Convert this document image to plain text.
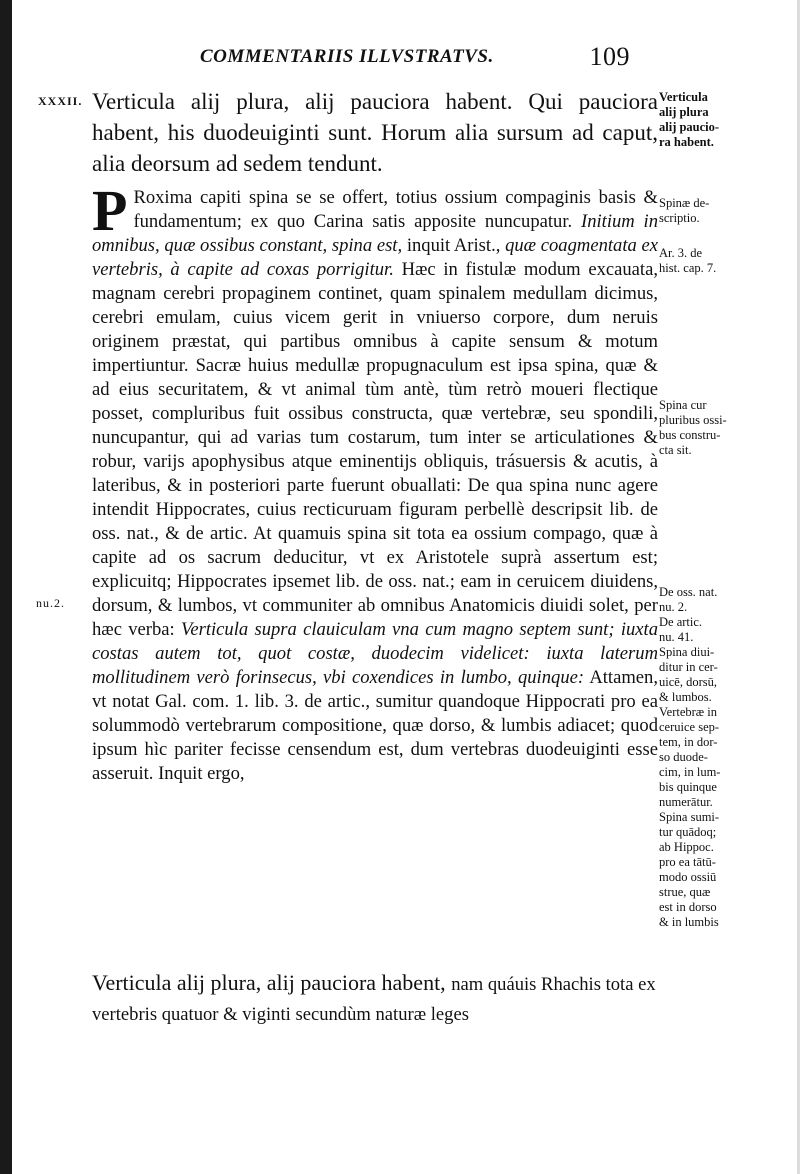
COMMENTARIIS ILLVSTRATVS.	109
XXXII.
nu.2.

Verticula alij plura, alij pauciora habent. Qui pauciora habent, his duodeuiginti sunt. Horum alia sursum ad caput, alia deorsum ad sedem tendunt.

P Roxima capiti spina se se offert, totius ossium compaginis basis & fundamentum; ex quo Carina satis apposite nuncupatur. Initium in omnibus, quæ ossibus constant, spina est, inquit Arist., quæ coagmentata ex vertebris, à capite ad coxas porrigitur. Hæc in fistulæ modum excauata, magnam cerebri propaginem continet, quam spinalem medullam dicimus, cerebri emulam, cuius vicem gerit in vniuerso corpore, dum neruis originem præstat, qui partibus omnibus à capite sensum & motum impertiuntur. Sacræ huius medullæ propugnaculum est ipsa spina, quæ & ad eius securitatem, & vt animal tùm antè, tùm retrò moueri flectique posset, compluribus fuit ossibus constructa, quæ vertebræ, seu spondili, nuncupantur, qui ad varias tum costarum, tum inter se articulationes & robur, varijs apophysibus atque eminentijs obliquis, trásuersis & acutis, à lateribus, & in posteriori parte fuerunt obuallati: De qua spina nunc agere intendit Hippocrates, cuius recticuruam figuram perbellè descripsit lib. de oss. nat., & de artic. At quamuis spina sit tota ea ossium compago, quæ à capite ad os sacrum deducitur, vt ex Aristotele suprà assertum est; explicuitq; Hippocrates ipsemet lib. de oss. nat.; eam in ceruicem diuidens, dorsum, & lumbos, vt communiter ab omnibus Anatomicis diuidi solet, per hæc verba: Verticula supra clauiculam vna cum magno septem sunt; iuxta costas autem tot, quot costæ, duodecim videlicet: iuxta laterum mollitudinem verò forinsecus, vbi coxendices in lumbo, quinque: Attamen, vt notat Gal. com. 1. lib. 3. de artic., sumitur quandoque Hippocrati pro ea solummodò vertebrarum compositione, quæ dorso, & lumbis adiacet; quod ipsum hìc pariter fecisse censendum est, dum vertebras duodeuiginti esse asseruit. Inquit ergo,

Verticula alij plura, alij pauciora habent, nam quáuis Rhachis tota ex vertebris quatuor & viginti secundùm naturæ leges

Verticula
alij plura
alij paucio-
ra habent.
Spinæ de-
scriptio.
Ar. 3. de
hist. cap. 7.
Spina cur
pluribus ossi-
bus constru-
cta sit.
De oss. nat.
nu. 2.
De artic.
nu. 41.
Spina diui-
ditur in cer-
uicē, dorsū,
& lumbos.
Vertebræ in
ceruice sep-
tem, in dor-
so duode-
cim, in lum-
bis quinque
numerātur.
Spina sumi-
tur quādoq;
ab Hippoc.
pro ea tātū-
modo ossiū
strue, quæ
est in dorso
& in lumbis
